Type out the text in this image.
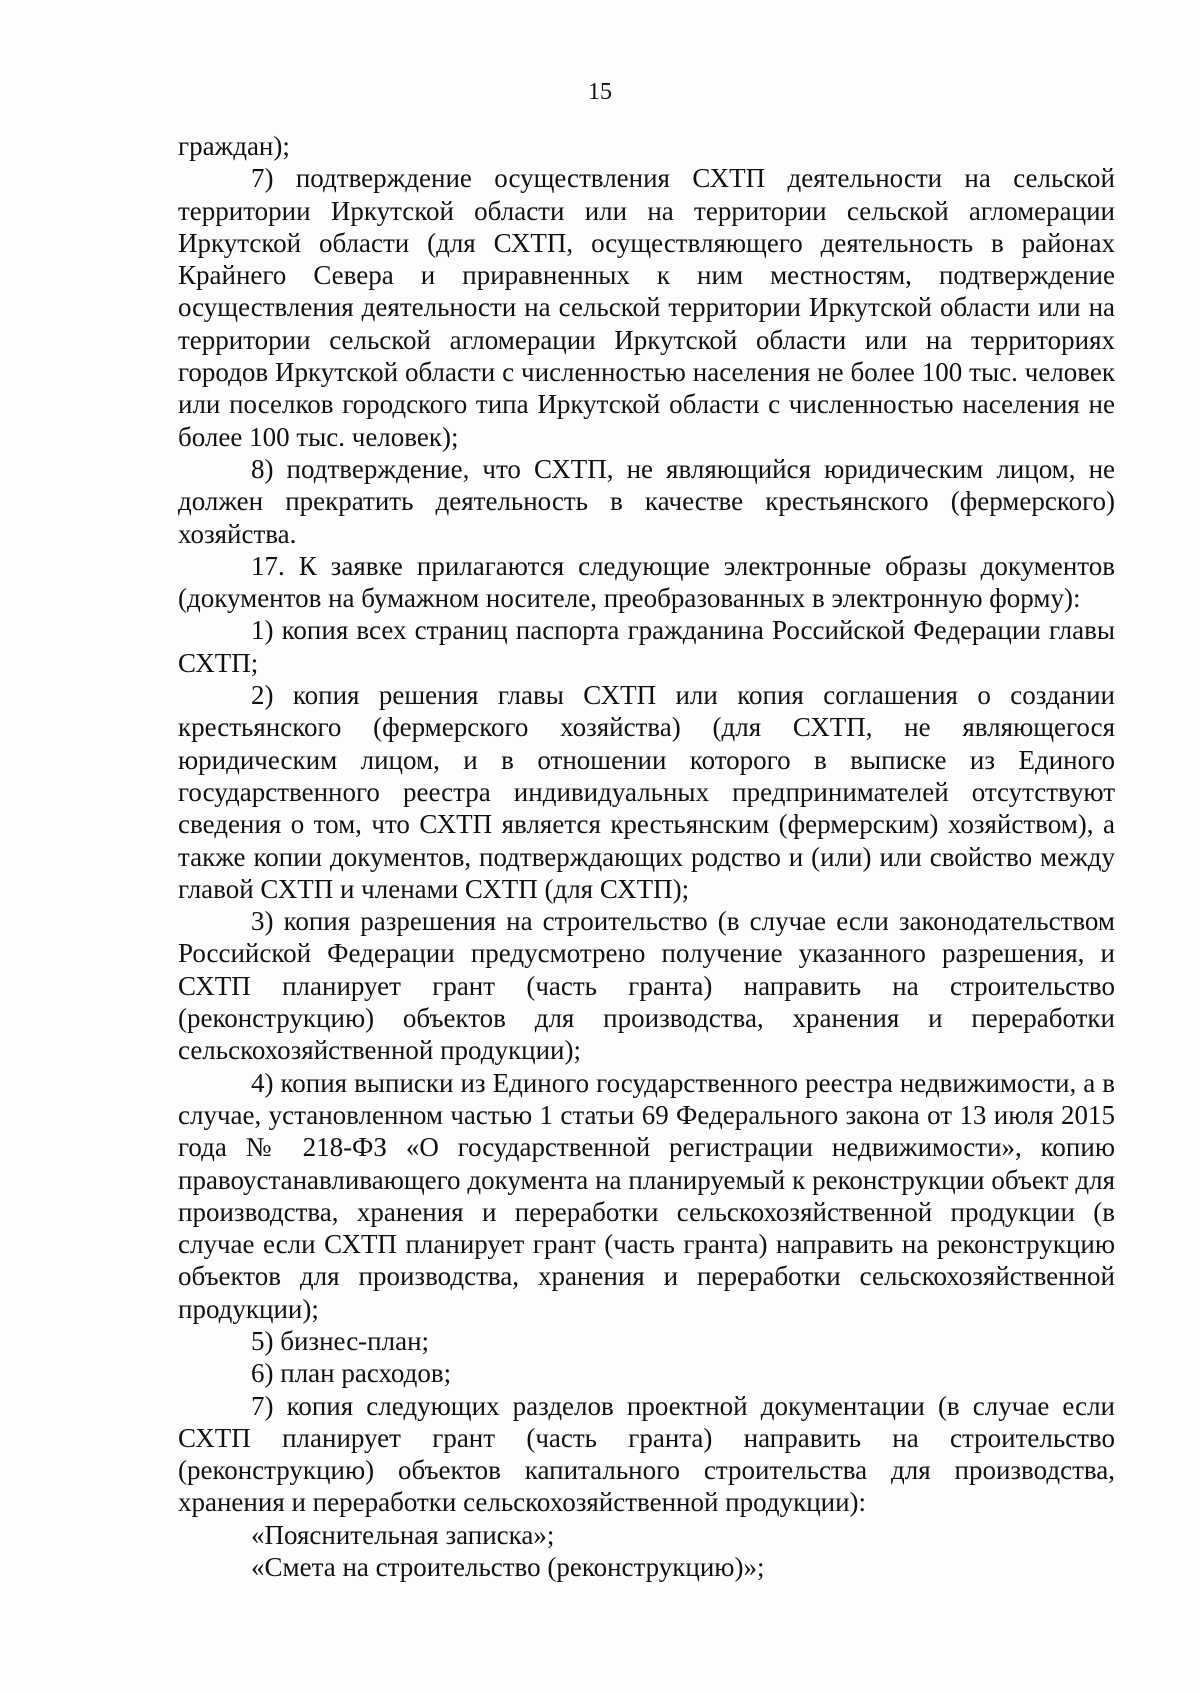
15

граждан);

7) подтверждение осуществления СХТП деятельности на сельской территории Иркутской области или на территории сельской агломерации Иркутской области (для СХТП, осуществляющего деятельность в районах Крайнего Севера и приравненных к ним местностям, подтверждение осуществления деятельности на сельской территории Иркутской области или на территории сельской агломерации Иркутской области или на территориях городов Иркутской области с численностью населения не более 100 тыс. человек или поселков городского типа Иркутской области с численностью населения не более 100 тыс. человек);

8) подтверждение, что СХТП, не являющийся юридическим лицом, не должен прекратить деятельность в качестве крестьянского (фермерского) хозяйства.

17. К заявке прилагаются следующие электронные образы документов (документов на бумажном носителе, преобразованных в электронную форму):

1) копия всех страниц паспорта гражданина Российской Федерации главы СХТП;

2) копия решения главы СХТП или копия соглашения о создании крестьянского (фермерского хозяйства) (для СХТП, не являющегося юридическим лицом, и в отношении которого в выписке из Единого государственного реестра индивидуальных предпринимателей отсутствуют сведения о том, что СХТП является крестьянским (фермерским) хозяйством), а также копии документов, подтверждающих родство и (или) или свойство между главой СХТП и членами СХТП (для СХТП);

3) копия разрешения на строительство (в случае если законодательством Российской Федерации предусмотрено получение указанного разрешения, и СХТП планирует грант (часть гранта) направить на строительство (реконструкцию) объектов для производства, хранения и переработки сельскохозяйственной продукции);

4) копия выписки из Единого государственного реестра недвижимости, а в случае, установленном частью 1 статьи 69 Федерального закона от 13 июля 2015 года № 218-ФЗ «О государственной регистрации недвижимости», копию правоустанавливающего документа на планируемый к реконструкции объект для производства, хранения и переработки сельскохозяйственной продукции (в случае если СХТП планирует грант (часть гранта) направить на реконструкцию объектов для производства, хранения и переработки сельскохозяйственной продукции);

5) бизнес-план;

6) план расходов;

7) копия следующих разделов проектной документации (в случае если СХТП планирует грант (часть гранта) направить на строительство (реконструкцию) объектов капитального строительства для производства, хранения и переработки сельскохозяйственной продукции):

«Пояснительная записка»;

«Смета на строительство (реконструкцию)»;
